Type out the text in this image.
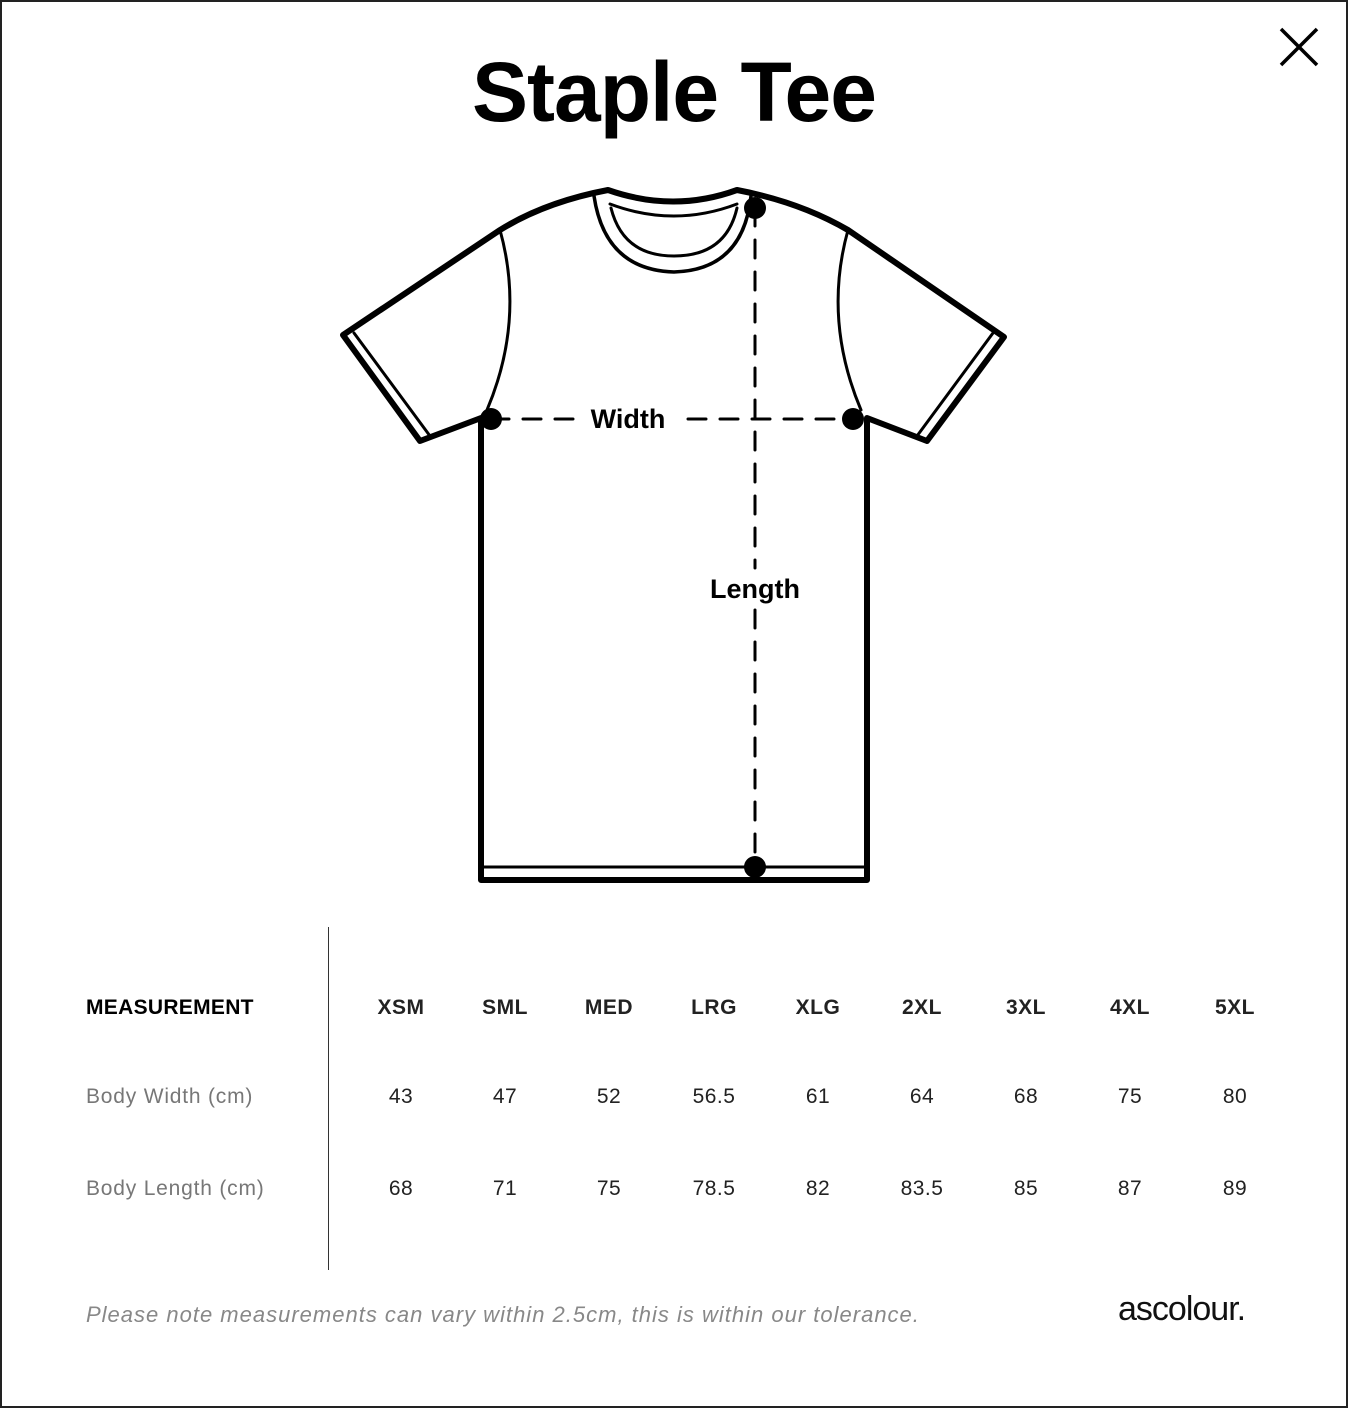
Staple Tee
Width
Length
MEASUREMENT	XSM	SML	MED	LRG	XLG	2XL	3XL	4XL	5XL
Body Width (cm)	43	47	52	56.5	61	64	68	75	80
Body Length (cm)	68	71	75	78.5	82	83.5	85	87	89
Please note measurements can vary within 2.5cm, this is within our tolerance.	ascolour.
